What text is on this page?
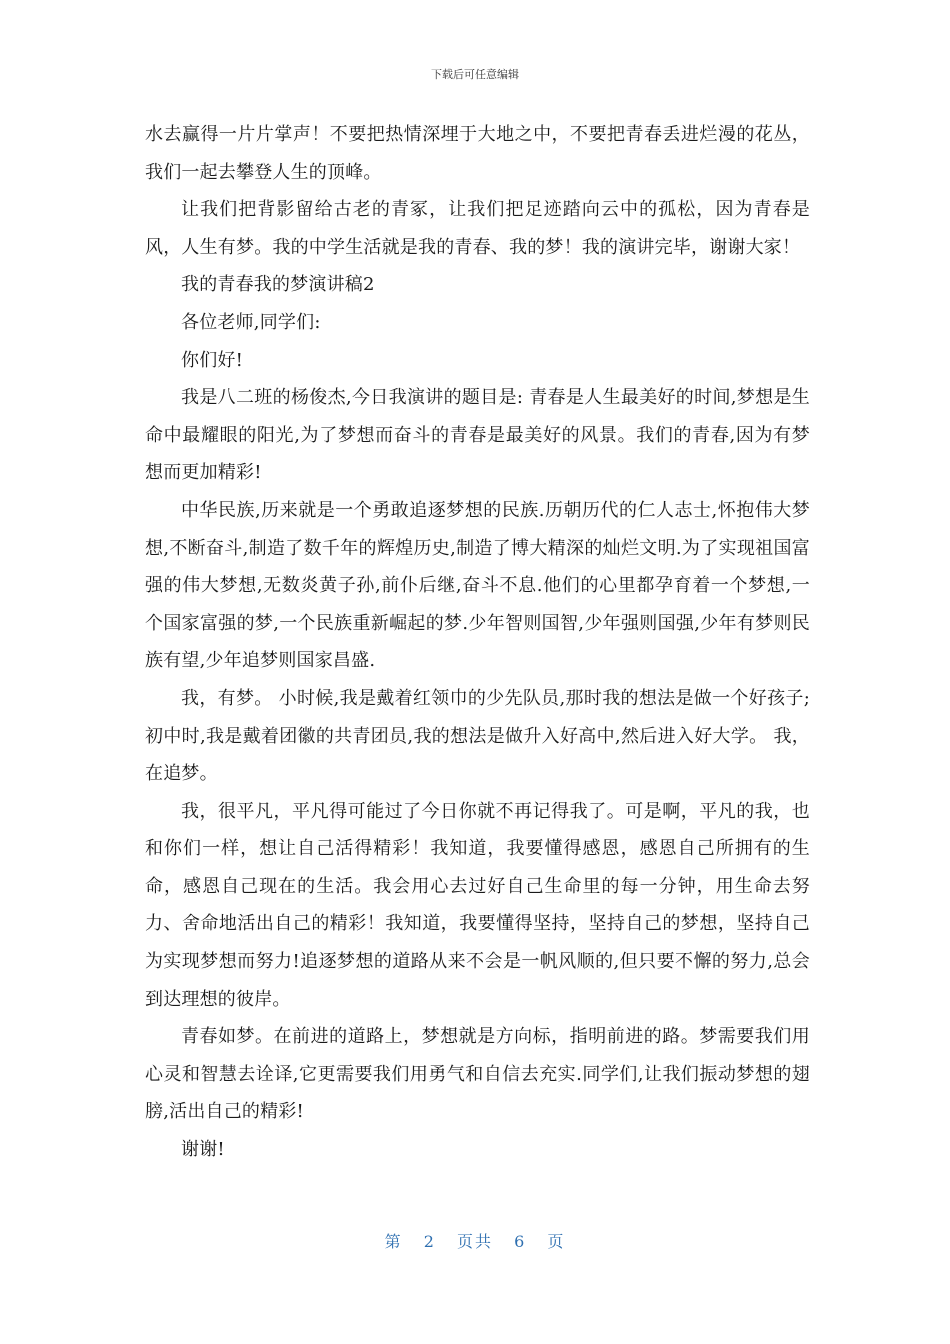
下载后可任意编辑

水去赢得一片片掌声！不要把热情深埋于大地之中，不要把青春丢进烂漫的花丛，我们一起去攀登人生的顶峰。

让我们把背影留给古老的青冢，让我们把足迹踏向云中的孤松，因为青春是风，人生有梦。我的中学生活就是我的青春、我的梦！我的演讲完毕，谢谢大家！

我的青春我的梦演讲稿2

各位老师,同学们:

你们好!

我是八二班的杨俊杰,今日我演讲的题目是: 青春是人生最美好的时间,梦想是生命中最耀眼的阳光,为了梦想而奋斗的青春是最美好的风景。我们的青春,因为有梦想而更加精彩!

中华民族,历来就是一个勇敢追逐梦想的民族.历朝历代的仁人志士,怀抱伟大梦想,不断奋斗,制造了数千年的辉煌历史,制造了博大精深的灿烂文明.为了实现祖国富强的伟大梦想,无数炎黄子孙,前仆后继,奋斗不息.他们的心里都孕育着一个梦想,一个国家富强的梦,一个民族重新崛起的梦.少年智则国智,少年强则国强,少年有梦则民族有望,少年追梦则国家昌盛.

我，有梦。 小时候,我是戴着红领巾的少先队员,那时我的想法是做一个好孩子;初中时,我是戴着团徽的共青团员,我的想法是做升入好高中,然后进入好大学。 我，在追梦。

我，很平凡，平凡得可能过了今日你就不再记得我了。可是啊，平凡的我，也和你们一样，想让自己活得精彩！我知道，我要懂得感恩，感恩自己所拥有的生命，感恩自己现在的生活。我会用心去过好自己生命里的每一分钟，用生命去努力、舍命地活出自己的精彩！我知道，我要懂得坚持，坚持自己的梦想，坚持自己为实现梦想而努力!追逐梦想的道路从来不会是一帆风顺的,但只要不懈的努力,总会到达理想的彼岸。

青春如梦。在前进的道路上，梦想就是方向标，指明前进的路。梦需要我们用心灵和智慧去诠译,它更需要我们用勇气和自信去充实.同学们,让我们振动梦想的翅膀,活出自己的精彩!

谢谢!

第 2 页共 6 页
